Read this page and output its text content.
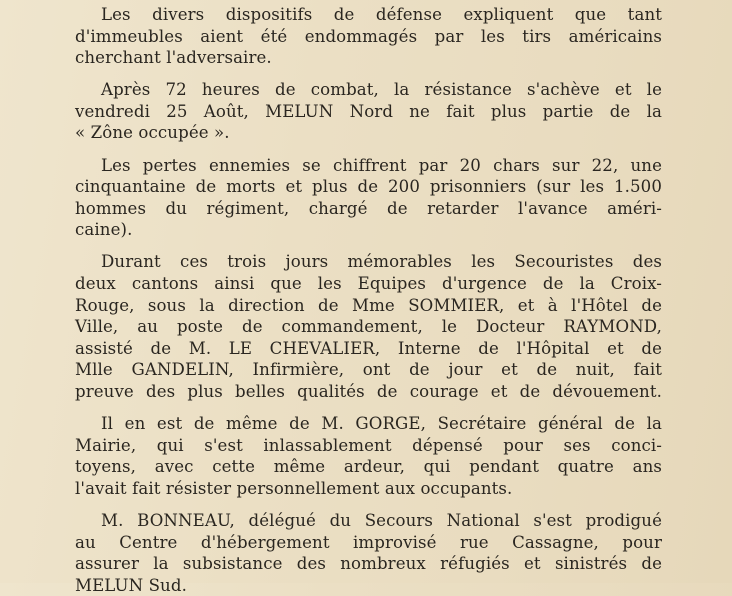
Les divers dispositifs de défense expliquent que tant
d'immeubles aient été endommagés par les tirs américains
cherchant l'adversaire.

Après 72 heures de combat, la résistance s'achève et le
vendredi 25 Août, MELUN Nord ne fait plus partie de la
« Zône occupée ».

Les pertes ennemies se chiffrent par 20 chars sur 22, une
cinquantaine de morts et plus de 200 prisonniers (sur les 1.500
hommes du régiment, chargé de retarder l'avance améri-
caine).

Durant ces trois jours mémorables les Secouristes des
deux cantons ainsi que les Equipes d'urgence de la Croix-
Rouge, sous la direction de Mme SOMMIER, et à l'Hôtel de
Ville, au poste de commandement, le Docteur RAYMOND,
assisté de M. LE CHEVALIER, Interne de l'Hôpital et de
Mlle GANDELIN, Infirmière, ont de jour et de nuit, fait
preuve des plus belles qualités de courage et de dévouement.

Il en est de même de M. GORGE, Secrétaire général de la
Mairie, qui s'est inlassablement dépensé pour ses conci-
toyens, avec cette même ardeur, qui pendant quatre ans
l'avait fait résister personnellement aux occupants.

M. BONNEAU, délégué du Secours National s'est prodigué
au Centre d'hébergement improvisé rue Cassagne, pour
assurer la subsistance des nombreux réfugiés et sinistrés de
MELUN Sud.
